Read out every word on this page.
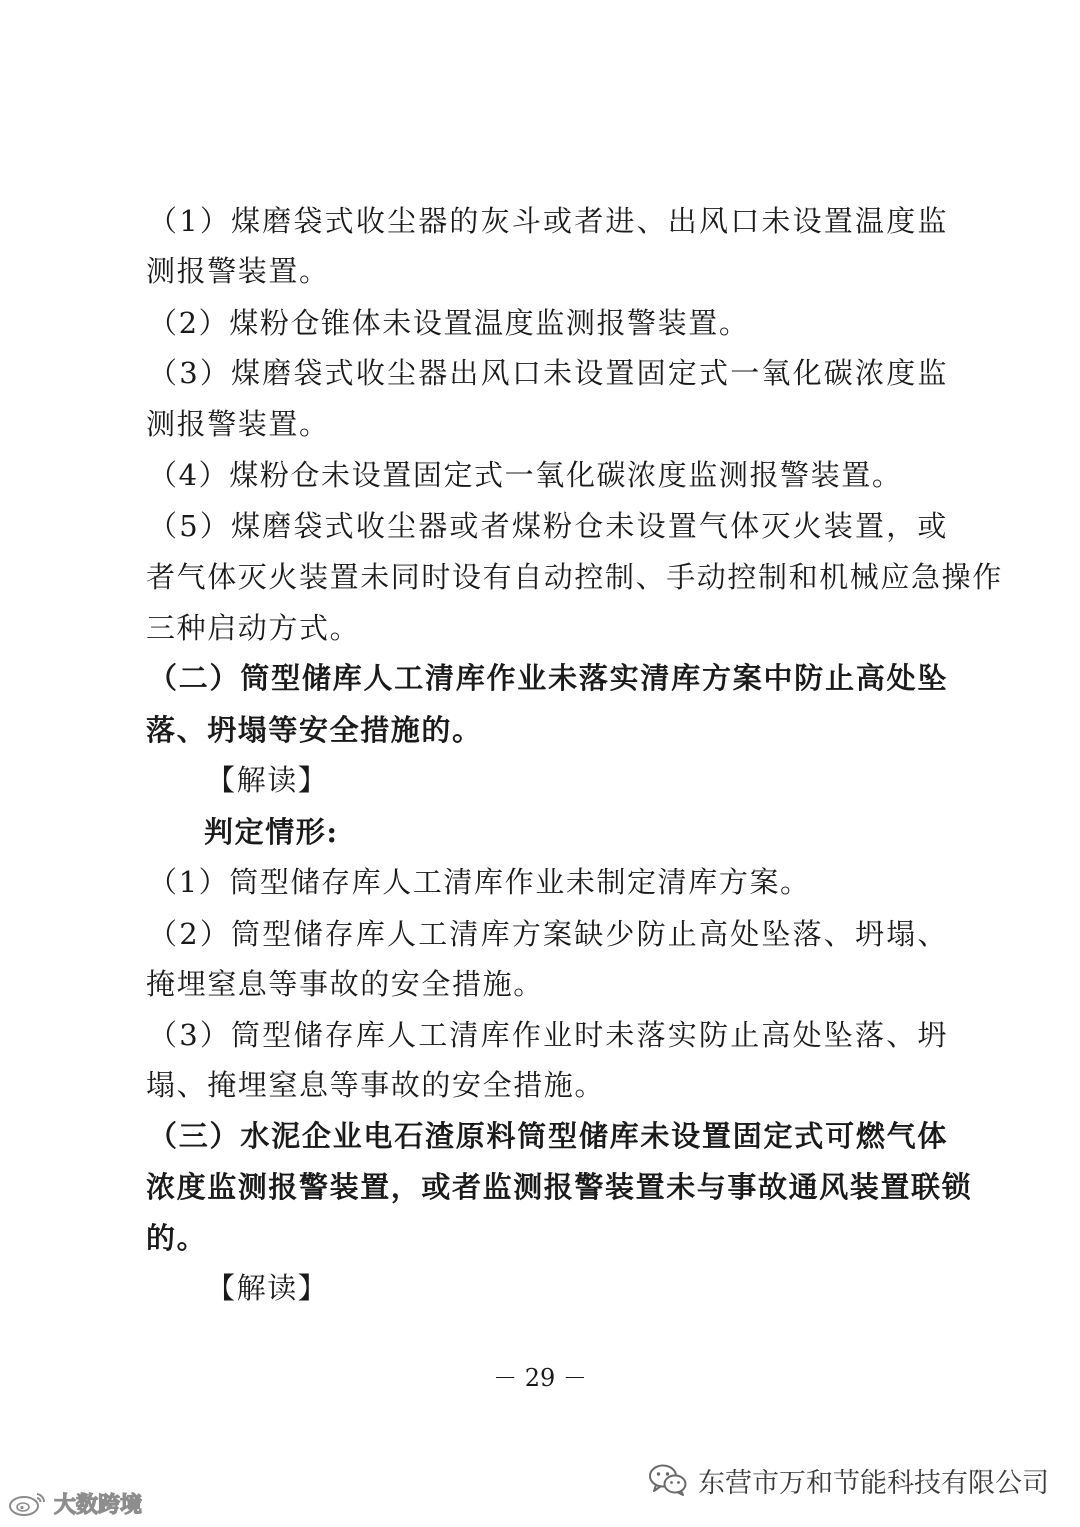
（1）煤磨袋式收尘器的灰斗或者进、出风口未设置温度监
测报警装置。
（2）煤粉仓锥体未设置温度监测报警装置。
（3）煤磨袋式收尘器出风口未设置固定式一氧化碳浓度监
测报警装置。
（4）煤粉仓未设置固定式一氧化碳浓度监测报警装置。
（5）煤磨袋式收尘器或者煤粉仓未设置气体灭火装置，或
者气体灭火装置未同时设有自动控制、手动控制和机械应急操作
三种启动方式。
（二）筒型储库人工清库作业未落实清库方案中防止高处坠
落、坍塌等安全措施的。
【解读】
判定情形:
（1）筒型储存库人工清库作业未制定清库方案。
（2）筒型储存库人工清库方案缺少防止高处坠落、坍塌、
掩埋窒息等事故的安全措施。
（3）筒型储存库人工清库作业时未落实防止高处坠落、坍
塌、掩埋窒息等事故的安全措施。
（三）水泥企业电石渣原料筒型储库未设置固定式可燃气体
浓度监测报警装置，或者监测报警装置未与事故通风装置联锁
的。
【解读】
－ 29 －
东营市万和节能科技有限公司
大数跨境
